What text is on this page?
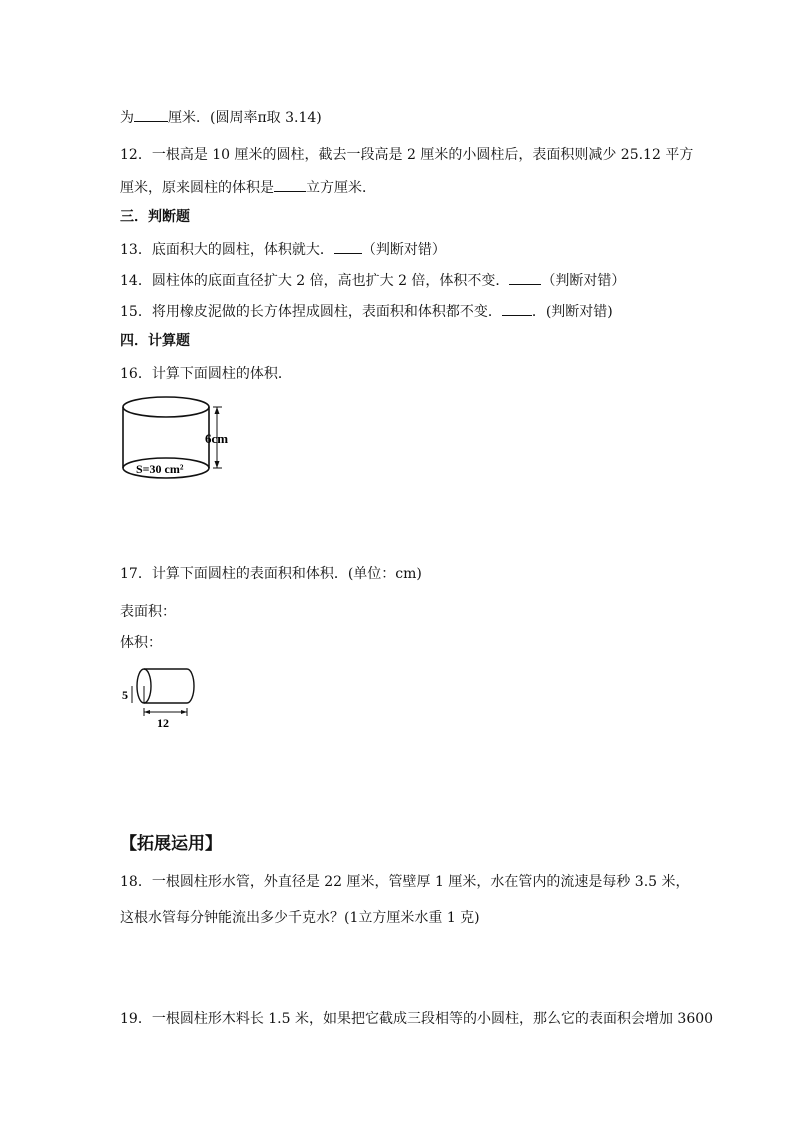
为 厘米．(圆周率π取 3.14)
12．一根高是 10 厘米的圆柱，截去一段高是 2 厘米的小圆柱后，表面积则减少 25.12 平方
厘米，原来圆柱的体积是 立方厘米．
三．判断题
13．底面积大的圆柱，体积就大． （判断对错）
14．圆柱体的底面直径扩大 2 倍，高也扩大 2 倍，体积不变． （判断对错）
15．将用橡皮泥做的长方体捏成圆柱，表面积和体积都不变． ．(判断对错)
四．计算题
16．计算下面圆柱的体积．
6cm
S=30 cm²
17．计算下面圆柱的表面积和体积．(单位：cm)
表面积：
体积：
5
12
【拓展运用】
18．一根圆柱形水管，外直径是 22 厘米，管壁厚 1 厘米，水在管内的流速是每秒 3.5 米，
这根水管每分钟能流出多少千克水？(1立方厘米水重 1 克)
19．一根圆柱形木料长 1.5 米，如果把它截成三段相等的小圆柱，那么它的表面积会增加 3600
